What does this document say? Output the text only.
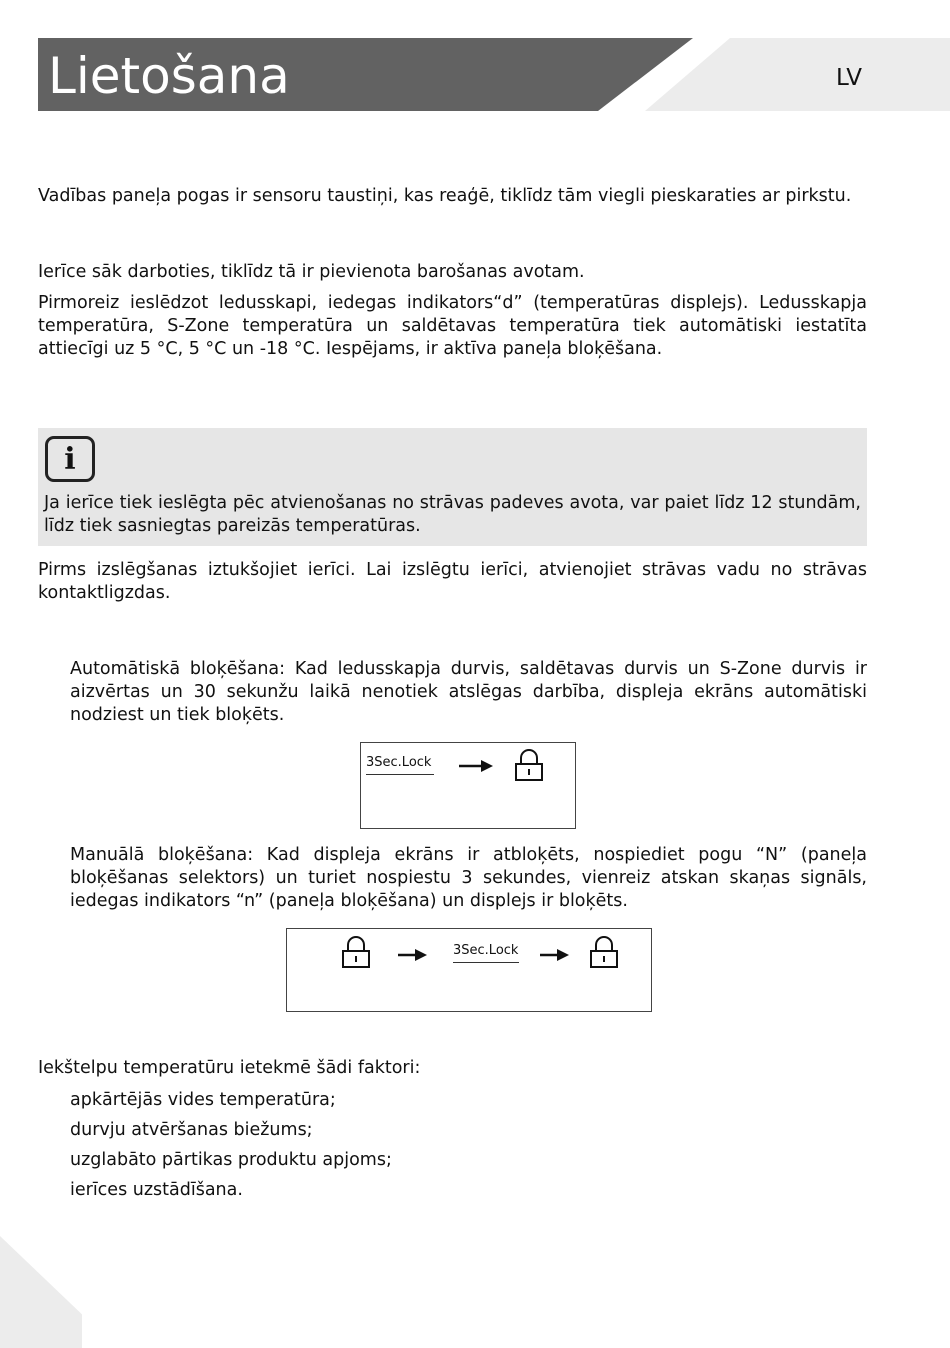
Lietošana	LV

Vadības paneļa pogas ir sensoru taustiņi, kas reaģē, tiklīdz tām viegli pieskaraties ar pirkstu.

Ierīce sāk darboties, tiklīdz tā ir pievienota barošanas avotam.

Pirmoreiz ieslēdzot ledusskapi, iedegas indikators“d” (temperatūras displejs). Ledusskapja temperatūra, S-Zone temperatūra un saldētavas temperatūra tiek automātiski iestatīta attiecīgi uz 5 °C, 5 °C un -18 °C. Iespējams, ir aktīva paneļa bloķēšana.

i

Ja ierīce tiek ieslēgta pēc atvienošanas no strāvas padeves avota, var paiet līdz 12 stundām, līdz tiek sasniegtas pareizās temperatūras.

Pirms izslēgšanas iztukšojiet ierīci. Lai izslēgtu ierīci, atvienojiet strāvas vadu no strāvas kontaktligzdas.

Automātiskā bloķēšana: Kad ledusskapja durvis, saldētavas durvis un S-Zone durvis ir aizvērtas un 30 sekunžu laikā nenotiek atslēgas darbība, displeja ekrāns automātiski nodziest un tiek bloķēts.

3Sec.Lock

Manuālā bloķēšana: Kad displeja ekrāns ir atbloķēts, nospiediet pogu “N” (paneļa bloķēšanas selektors) un turiet nospiestu 3 sekundes, vienreiz atskan skaņas signāls, iedegas indikators “n” (paneļa bloķēšana) un displejs ir bloķēts.

3Sec.Lock

Iekštelpu temperatūru ietekmē šādi faktori:

apkārtējās vides temperatūra;
durvju atvēršanas biežums;
uzglabāto pārtikas produktu apjoms;
ierīces uzstādīšana.
